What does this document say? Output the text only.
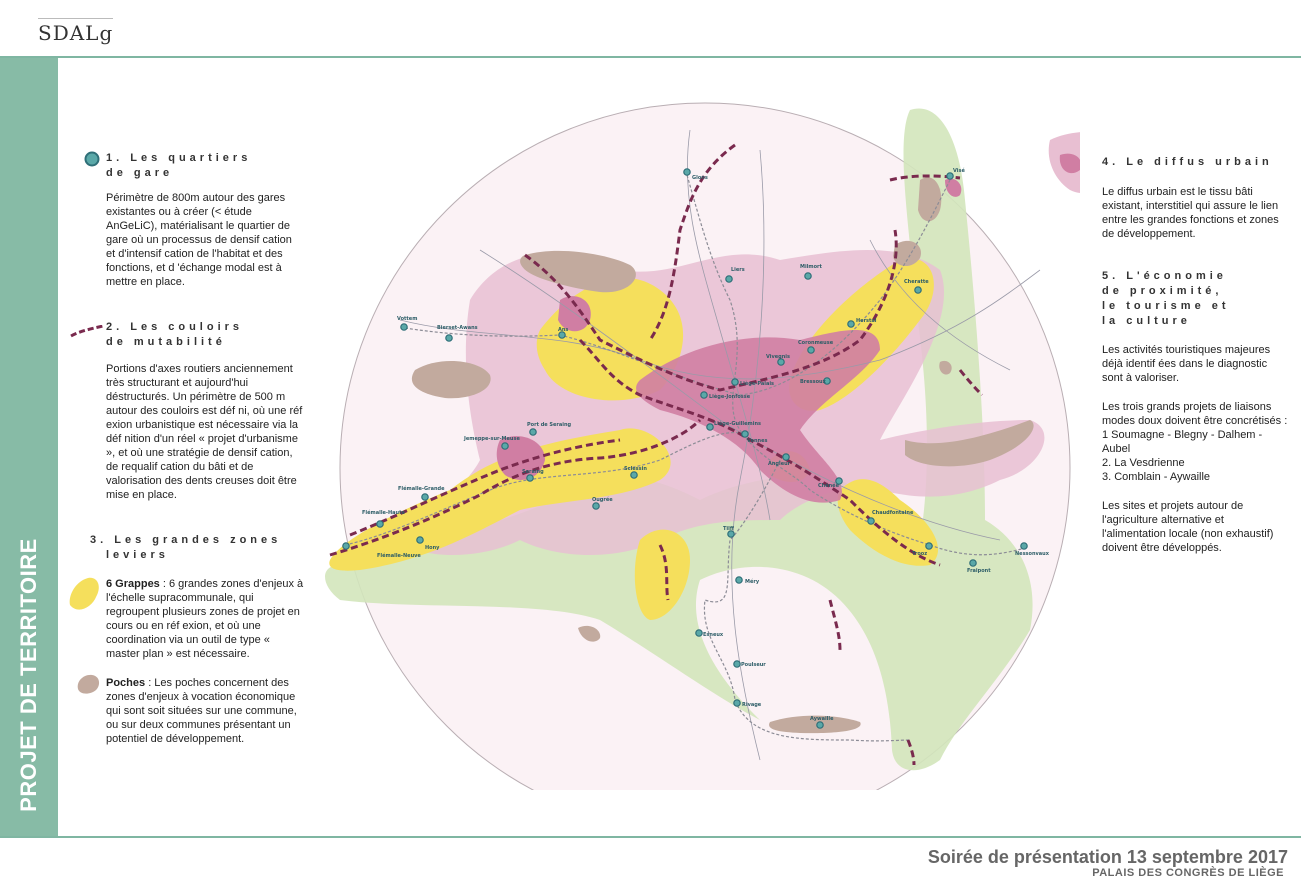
SDALg
PROJET DE TERRITOIRE
Glons
Visé
Liers	Milmort
Cheratte
Vottem
Bierset-Awans	Ans
Herstal
Coronmeuse
Vivegnis
Liège-Palais	Bressoux
Liège-Jonfosse
Liège-Guillemins
Vennes
Port de Seraing
Jemeppe-sur-Meuse
Seraing	Sclessin
Angleur
Chênée
Flémalle-Grande
Ougrée
Flémalle-Haute
Flémalle-Neuve
Hony
Tilff
Chaudfontaine
Trooz	Nessonvaux
Fraipont
Méry
Esneux
Poulseur
Rivage
Aywaille
1. Les quartiers
de gare

Périmètre de 800m autour des gares existantes ou à créer (< étude AnGeLiC), matérialisant le quartier de gare où un processus de densif cation et d'intensif cation de l'habitat et des fonctions, et d 'échange modal est à mettre en place.

2. Les couloirs
de mutabilité

Portions d'axes routiers anciennement très structurant et aujourd'hui déstructurés. Un périmètre de 500 m autour des couloirs est déf ni, où une réf exion urbanistique est nécessaire via la déf nition d'un réel « projet d'urbanisme », et où une stratégie de densif cation, de requalif cation du bâti et de valorisation des dents creuses doit être mise en place.

3. Les grandes zones
leviers

6 Grappes : 6 grandes zones d'enjeux à l'échelle supracommunale, qui regroupent plusieurs zones de projet en cours ou en réf exion, et où une coordination via un outil de type « master plan » est nécessaire.

Poches : Les poches concernent des zones d'enjeux à vocation économique qui sont soit situées sur une commune, ou sur deux communes présentant un potentiel de développement.

4. Le diffus urbain

Le diffus urbain est le tissu bâti existant, interstitiel qui assure le lien entre les grandes fonctions et zones de développement.

5. L'économie
de proximité,
le tourisme et
la culture

Les activités touristiques majeures déjà identif ées dans le diagnostic sont à valoriser.

Les trois grands projets de liaisons modes doux doivent être concrétisés :

1 Soumagne - Blegny - Dalhem - Aubel

2. La Vesdrienne

3. Comblain - Aywaille

Les sites et projets autour de l'agriculture alternative et l'alimentation locale (non exhaustif) doivent être développés.

Soirée de présentation 13 septembre 2017
PALAIS DES CONGRÈS DE LIÈGE
